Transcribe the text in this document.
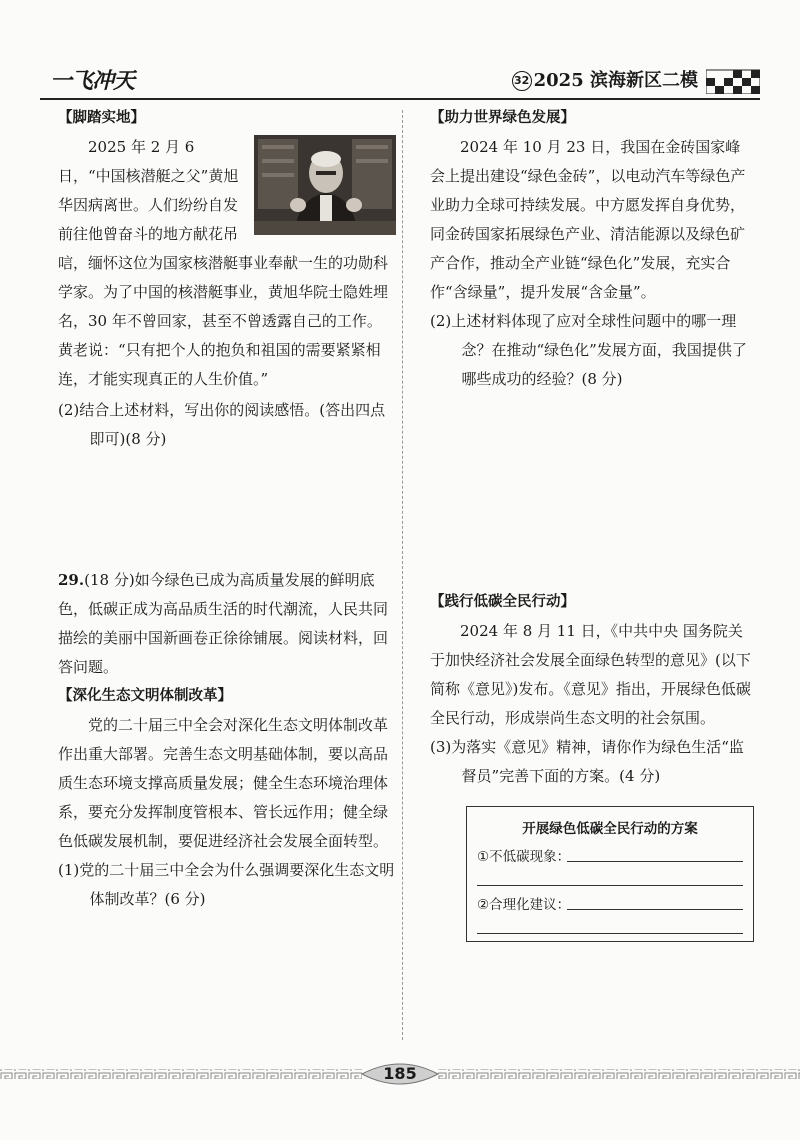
一飞冲天	32 2025 滨海新区二模

【脚踏实地】

2025 年 2 月 6 日，“中国核潜艇之父”黄旭华因病离世。人们纷纷自发前往他曾奋斗的地方献花吊唁，缅怀这位为国家核潜艇事业奉献一生的功勋科学家。为了中国的核潜艇事业，黄旭华院士隐姓埋名，30 年不曾回家，甚至不曾透露自己的工作。黄老说：“只有把个人的抱负和祖国的需要紧紧相连，才能实现真正的人生价值。”

(2)结合上述材料，写出你的阅读感悟。(答出四点即可)(8 分)

29.(18 分)如今绿色已成为高质量发展的鲜明底色，低碳正成为高品质生活的时代潮流，人民共同描绘的美丽中国新画卷正徐徐铺展。阅读材料，回答问题。

【深化生态文明体制改革】

党的二十届三中全会对深化生态文明体制改革作出重大部署。完善生态文明基础体制，要以高品质生态环境支撑高质量发展；健全生态环境治理体系，要充分发挥制度管根本、管长远作用；健全绿色低碳发展机制，要促进经济社会发展全面转型。

(1)党的二十届三中全会为什么强调要深化生态文明体制改革？(6 分)

【助力世界绿色发展】

2024 年 10 月 23 日，我国在金砖国家峰会上提出建设“绿色金砖”，以电动汽车等绿色产业助力全球可持续发展。中方愿发挥自身优势，同金砖国家拓展绿色产业、清洁能源以及绿色矿产合作，推动全产业链“绿色化”发展，充实合作“含绿量”，提升发展“含金量”。

(2)上述材料体现了应对全球性问题中的哪一理念？在推动“绿色化”发展方面，我国提供了哪些成功的经验？(8 分)

【践行低碳全民行动】

2024 年 8 月 11 日，《中共中央 国务院关于加快经济社会发展全面绿色转型的意见》(以下简称《意见》)发布。《意见》指出，开展绿色低碳全民行动，形成崇尚生态文明的社会氛围。

(3)为落实《意见》精神，请你作为绿色生活“监督员”完善下面的方案。(4 分)

开展绿色低碳全民行动的方案
①不低碳现象：
②合理化建议：
185
